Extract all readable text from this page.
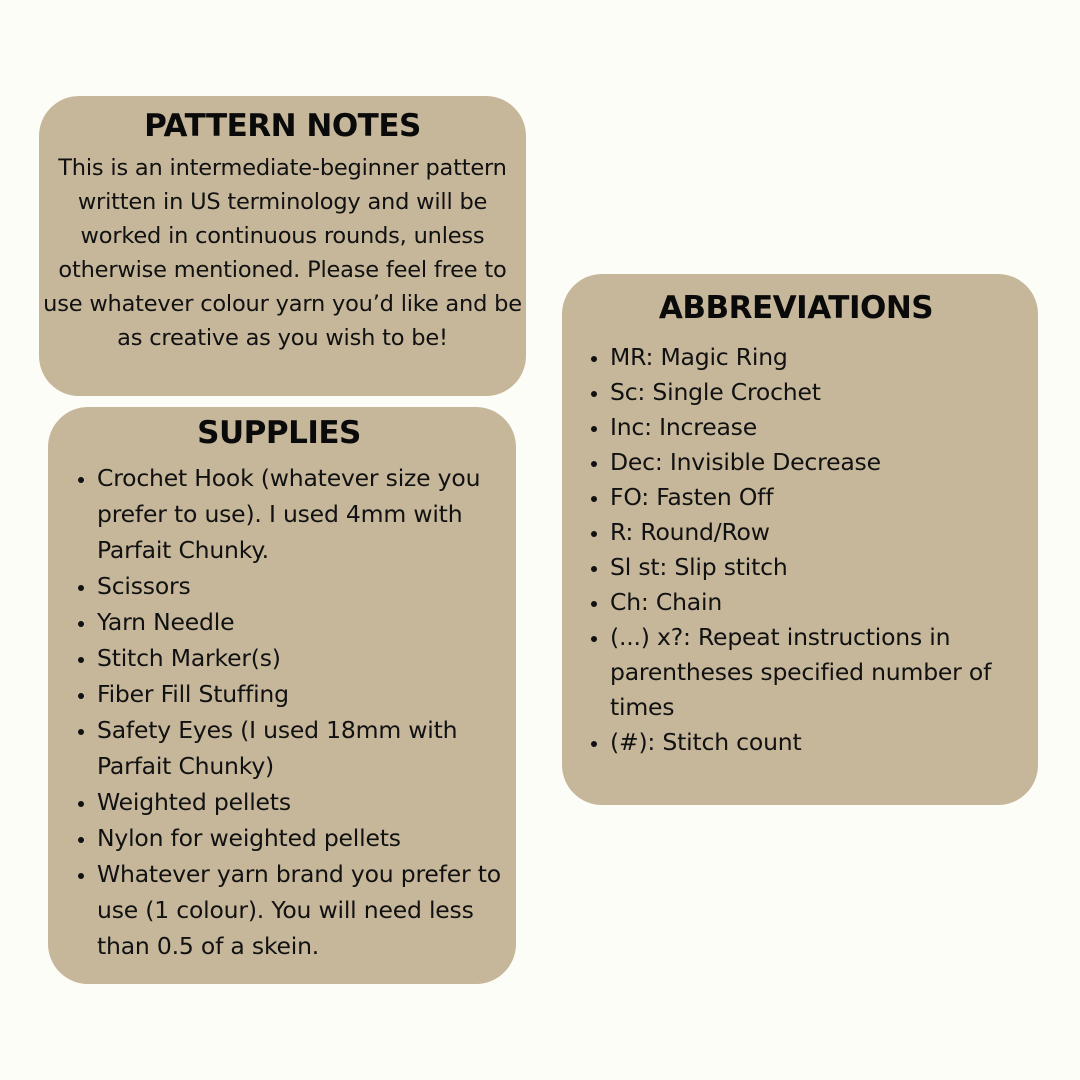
PATTERN NOTES

This is an intermediate-beginner pattern written in US terminology and will be worked in continuous rounds, unless otherwise mentioned. Please feel free to use whatever colour yarn you’d like and be as creative as you wish to be!

SUPPLIES
• Crochet Hook (whatever size you prefer to use). I used 4mm with Parfait Chunky.
• Scissors
• Yarn Needle
• Stitch Marker(s)
• Fiber Fill Stuffing
• Safety Eyes (I used 18mm with Parfait Chunky)
• Weighted pellets
• Nylon for weighted pellets
• Whatever yarn brand you prefer to use (1 colour). You will need less than 0.5 of a skein.
ABBREVIATIONS
• MR: Magic Ring
• Sc: Single Crochet
• Inc: Increase
• Dec: Invisible Decrease
• FO: Fasten Off
• R: Round/Row
• Sl st: Slip stitch
• Ch: Chain
• (...) x?: Repeat instructions in parentheses specified number of times
• (#): Stitch count
